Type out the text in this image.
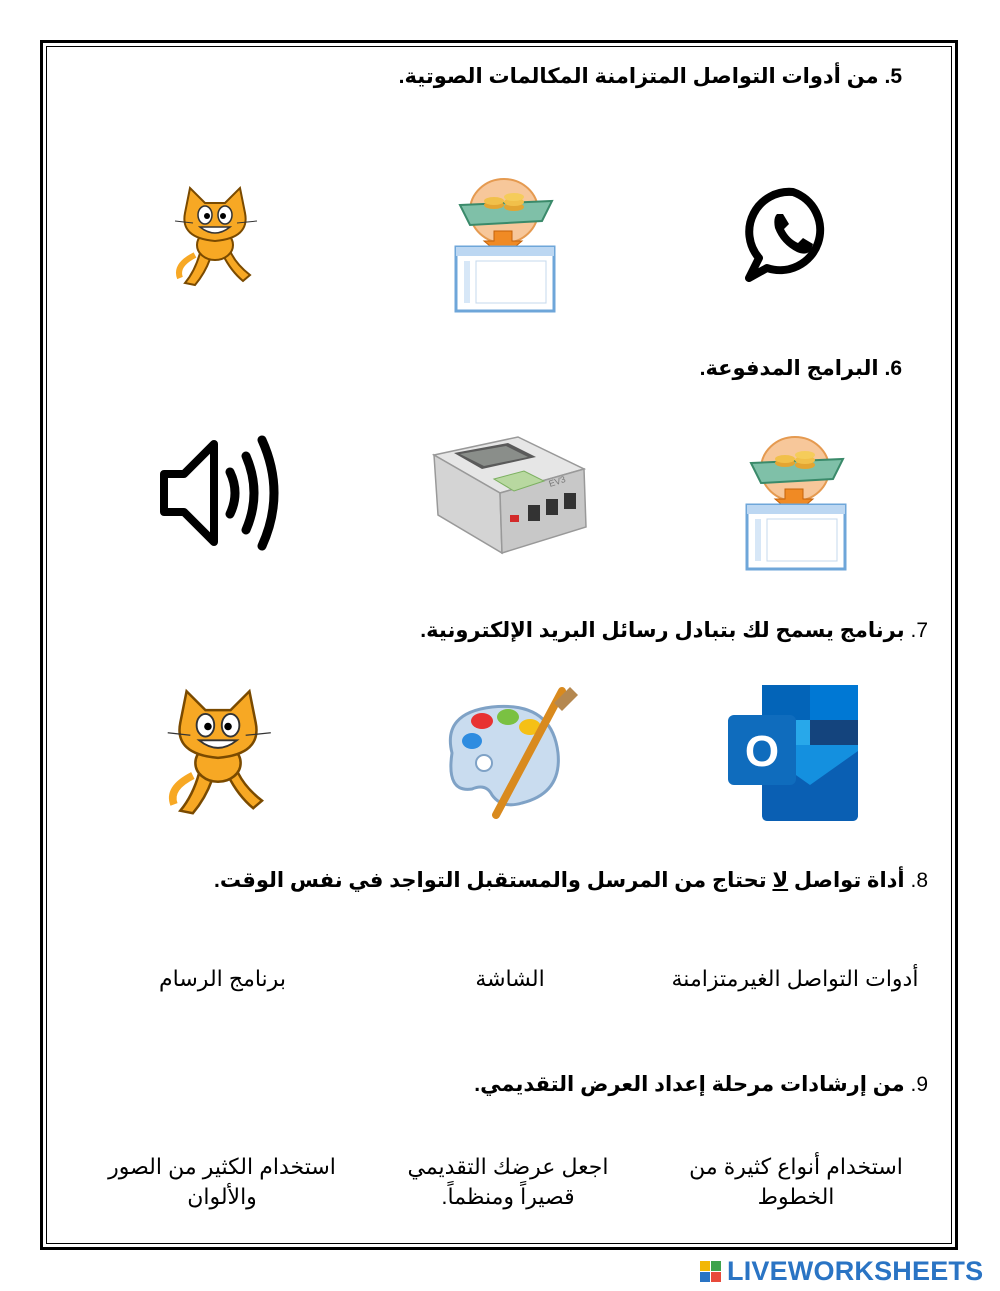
5. من أدوات التواصل المتزامنة المكالمات الصوتية.
6. البرامج المدفوعة.
EV3
7. برنامج يسمح لك بتبادل رسائل البريد الإلكترونية.
O
8. أداة تواصل لا تحتاج من المرسل والمستقبل التواجد في نفس الوقت.
أدوات التواصل الغيرمتزامنة
الشاشة
برنامج الرسام
9. من إرشادات مرحلة إعداد العرض التقديمي.
استخدام أنواع كثيرة من الخطوط
اجعل عرضك التقديمي قصيراً ومنظماً.
استخدام الكثير من الصور والألوان
LIVEWORKSHEETS
